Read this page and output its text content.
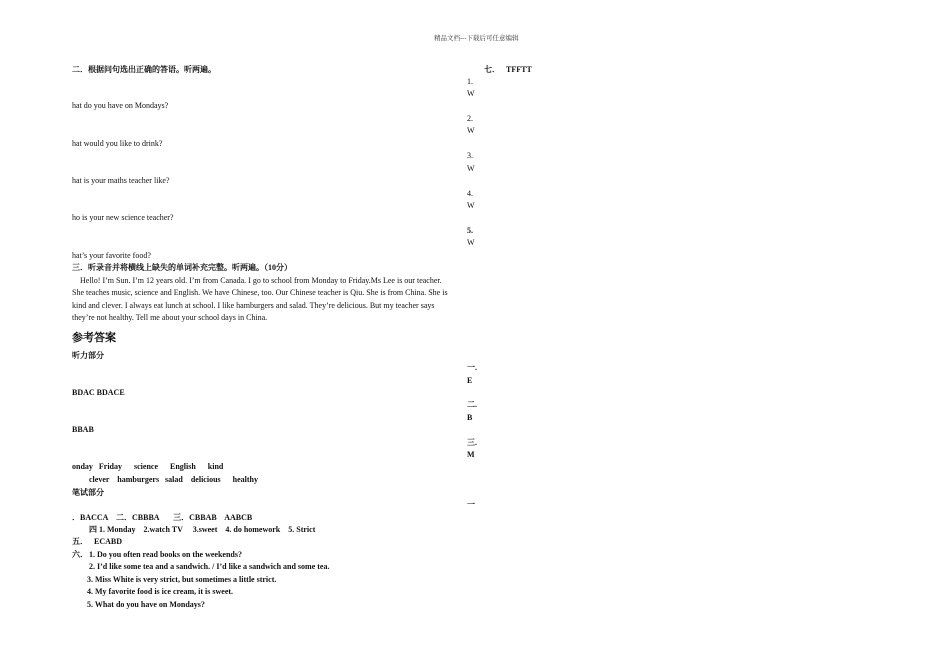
精品文档---下载后可任意编辑
二．根据问句选出正确的答语。听两遍。
hat do you have on Mondays?
hat would you like to drink?
hat is your maths teacher like?
ho is your new science teacher?
hat’s your favorite food?
三．听录音并将横线上缺失的单词补充完整。听两遍。（10分）
Hello! I’m Sun. I’m 12 years old. I’m from Canada. I go to school from Monday to Friday.Ms Lee is our teacher.
She teaches music, science and English. We have Chinese, too. Our Chinese teacher is Qiu. She is from China. She is
kind and clever. I always eat lunch at school. I like hamburgers and salad. They’re delicious. But my teacher says
they’re not healthy. Tell me about your school days in China.
参考答案
听力部分
BDAC BDACE
BBAB
onday   Friday      science      English      kind
clever    hamburgers   salad    delicious      healthy
笔试部分
．BACCA    二．CBBBA       三．CBBAB    AABCB
四 1. Monday    2.watch TV     3.sweet    4. do homework    5. Strict
五．   ECABD
六． 1. Do you often read books on the weekends?
2. I’d like some tea and a sandwich. / I’d like a sandwich and some tea.
3. Miss White is very strict, but sometimes a little strict.
4. My favorite food is ice cream, it is sweet.
5. What do you have on Mondays?
七．   TFFTT
1.
W
2.
W
3.
W
4.
W
5.
W
一.
E
二.
B
三.
M
一
